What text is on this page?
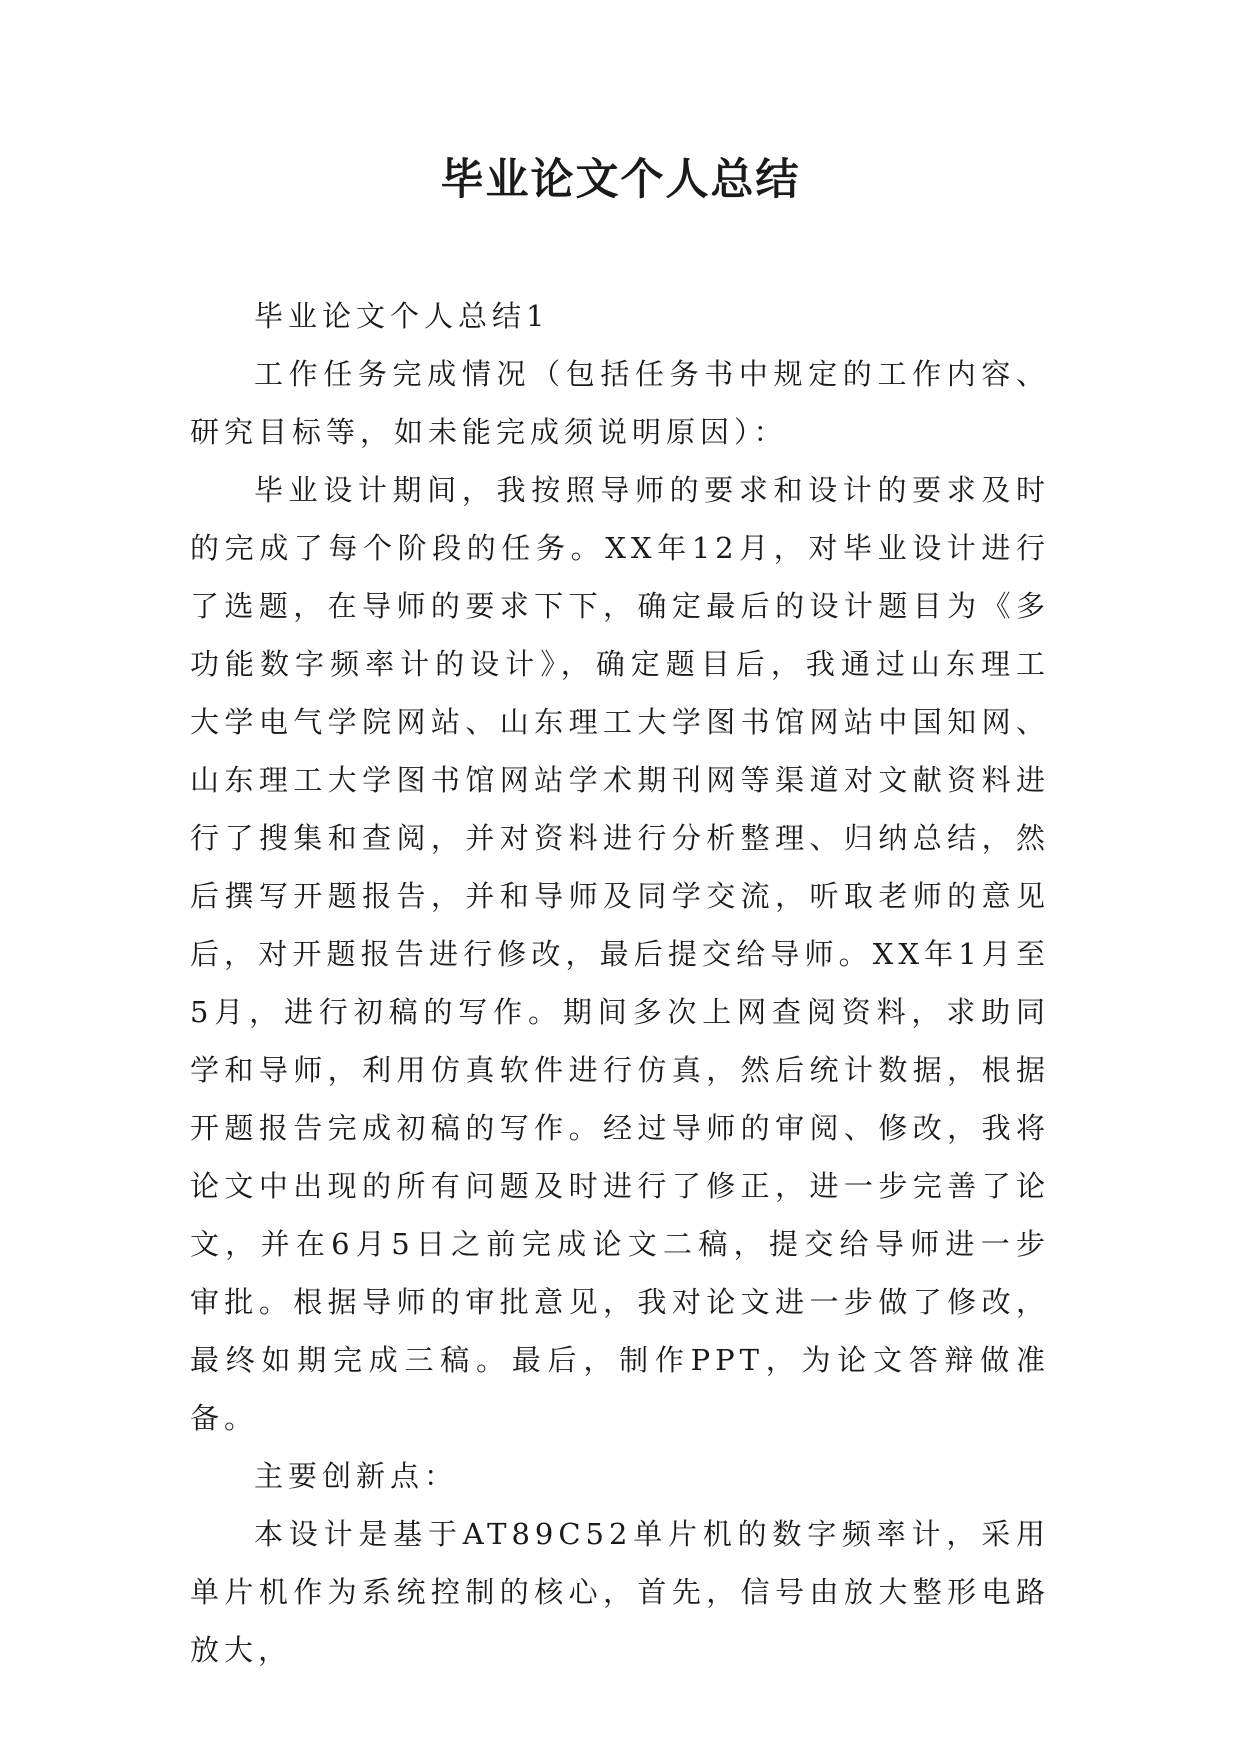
毕业论文个人总结

毕业论文个人总结1

工作任务完成情况（包括任务书中规定的工作内容、研究目标等，如未能完成须说明原因）：

毕业设计期间，我按照导师的要求和设计的要求及时的完成了每个阶段的任务。XX年12月，对毕业设计进行了选题，在导师的要求下下，确定最后的设计题目为《多功能数字频率计的设计》，确定题目后，我通过山东理工大学电气学院网站、山东理工大学图书馆网站中国知网、山东理工大学图书馆网站学术期刊网等渠道对文献资料进行了搜集和查阅，并对资料进行分析整理、归纳总结，然后撰写开题报告，并和导师及同学交流，听取老师的意见后，对开题报告进行修改，最后提交给导师。XX年1月至5月，进行初稿的写作。期间多次上网查阅资料，求助同学和导师，利用仿真软件进行仿真，然后统计数据，根据开题报告完成初稿的写作。经过导师的审阅、修改，我将论文中出现的所有问题及时进行了修正，进一步完善了论文，并在6月5日之前完成论文二稿，提交给导师进一步审批。根据导师的审批意见，我对论文进一步做了修改，最终如期完成三稿。最后，制作PPT，为论文答辩做准备。

主要创新点：

本设计是基于AT89C52单片机的数字频率计，采用单片机作为系统控制的核心，首先，信号由放大整形电路放大，
